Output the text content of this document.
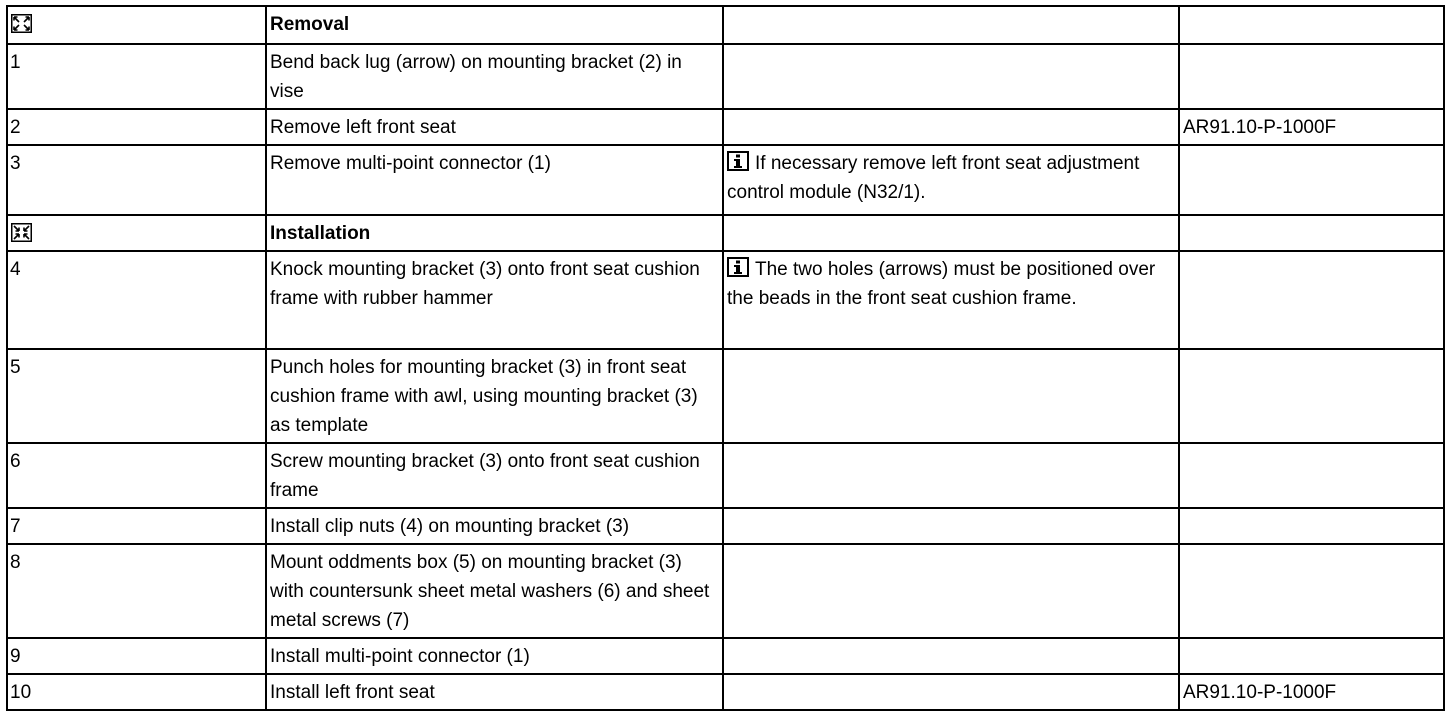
	Removal		
1	Bend back lug (arrow) on mounting bracket (2) in vise		
2	Remove left front seat		AR91.10-P-1000F
3	Remove multi-point connector (1)	If necessary remove left front seat adjustment control module (N32/1).	
	Installation		
4	Knock mounting bracket (3) onto front seat cushion frame with rubber hammer	The two holes (arrows) must be positioned over the beads in the front seat cushion frame.	
5	Punch holes for mounting bracket (3) in front seat cushion frame with awl, using mounting bracket (3) as template		
6	Screw mounting bracket (3) onto front seat cushion frame		
7	Install clip nuts (4) on mounting bracket (3)		
8	Mount oddments box (5) on mounting bracket (3) with countersunk sheet metal washers (6) and sheet metal screws (7)		
9	Install multi-point connector (1)		
10	Install left front seat		AR91.10-P-1000F
